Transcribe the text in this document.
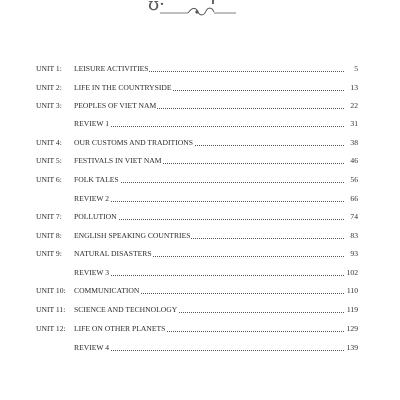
ʊ·
UNIT 1:	LEISURE ACTIVITIES	5
UNIT 2:	LIFE IN THE COUNTRYSIDE	13
UNIT 3:	PEOPLES OF VIET NAM	22
REVIEW 1	31
UNIT 4:	OUR CUSTOMS AND TRADITIONS	38
UNIT 5:	FESTIVALS IN VIET NAM	46
UNIT 6:	FOLK TALES	56
REVIEW 2	66
UNIT 7:	POLLUTION	74
UNIT 8:	ENGLISH SPEAKING COUNTRIES	83
UNIT 9:	NATURAL DISASTERS	93
REVIEW 3	102
UNIT 10:	COMMUNICATION	110
UNIT 11:	SCIENCE AND TECHNOLOGY	119
UNIT 12:	LIFE ON OTHER PLANETS	129
REVIEW 4	139
